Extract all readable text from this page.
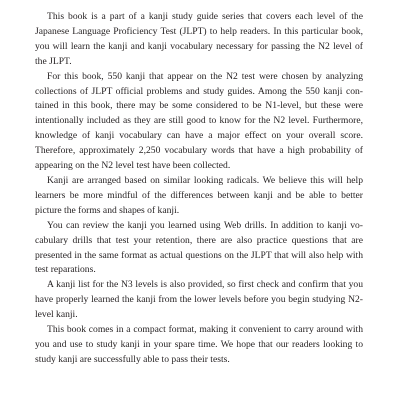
This book is a part of a kanji study guide series that covers each level of the Japanese Language Proficiency Test (JLPT) to help readers. In this particular book, you will learn the kanji and kanji vocabulary necessary for passing the N2 level of the JLPT.

For this book, 550 kanji that appear on the N2 test were chosen by analyzing collections of JLPT official problems and study guides. Among the 550 kanji contained in this book, there may be some considered to be N1-level, but these were intentionally included as they are still good to know for the N2 level. Furthermore, knowledge of kanji vocabulary can have a major effect on your overall score. Therefore, approximately 2,250 vocabulary words that have a high probability of appearing on the N2 level test have been collected.

Kanji are arranged based on similar looking radicals. We believe this will help learners be more mindful of the differences between kanji and be able to better picture the forms and shapes of kanji.

You can review the kanji you learned using Web drills. In addition to kanji vocabulary drills that test your retention, there are also practice questions that are presented in the same format as actual questions on the JLPT that will also help with test reparations.

A kanji list for the N3 levels is also provided, so first check and confirm that you have properly learned the kanji from the lower levels before you begin studying N2-level kanji.

This book comes in a compact format, making it convenient to carry around with you and use to study kanji in your spare time. We hope that our readers looking to study kanji are successfully able to pass their tests.
